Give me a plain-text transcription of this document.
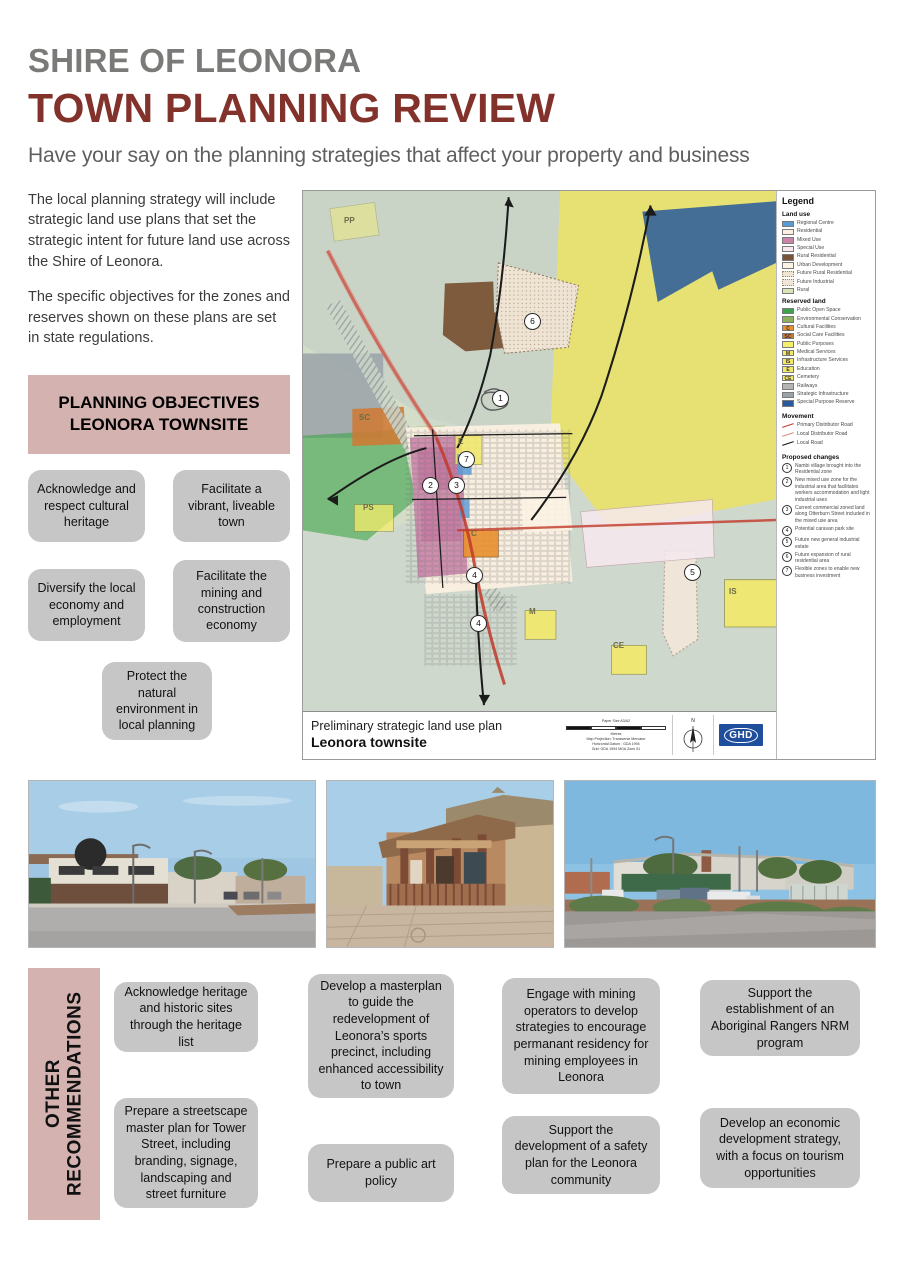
SHIRE OF LEONORA
TOWN PLANNING REVIEW
Have your say on the planning strategies that affect your property and business

The local planning strategy will include strategic land use plans that set the strategic intent for future land use across the Shire of Leonora.

The specific objectives for the zones and reserves shown on these plans are set in state regulations.

PLANNING OBJECTIVES
LEONORA TOWNSITE
Acknowledge and respect cultural heritage
Facilitate a vibrant, liveable town
Diversify the local economy and employment
Facilitate the mining and construction economy
Protect the natural environment in local planning
PP
SC
E
C
PS
M
CE
IS
1
2	3
4
4
5
6
7
Preliminary strategic land use plan
Leonora townsite
Paper Size A3/A2
Metres
Map Projection: Transverse Mercator
Horizontal Datum : GDA 1994
Grid: GDA 1994 MGA Zone 51
N
GHD
Legend
Land use
Regional Centre
Residential
Mixed Use
Special Use
Rural Residential
Urban Development
Future Rural Residential
Future Industrial
Rural
Reserved land
Public Open Space
Environmental Conservation
C	Cultural Facilities
SC	Social Care Facilities
Public Purposes
M	Medical Services
IS	Infrastructure Services
E	Education
CE	Cemetery
Railways
Strategic Infrastructure
Special Purpose Reserve
Movement
Primary Distributor Road
Local Distributor Road
Local Road
Proposed changes
1	Nambi village brought into the Residential zone
2	New mixed use zone for the industrial area that facilitates workers accommodation and light industrial uses
3	Current commercial zoned land along Otterburn Street included in the mixed use area
4	Potential caravan park site
5	Future new general industrial estate
6	Future expansion of rural residential area
7	Flexible zones to enable new business investment
OTHER RECOMMENDATIONS	Acknowledge heritage and historic sites through the heritage list
Prepare a streetscape master plan for Tower Street, including branding, signage, landscaping and street furniture
Develop a masterplan to guide the redevelopment of Leonora’s sports precinct, including enhanced accessibility to town
Prepare a public art policy
Engage with mining operators to develop strategies to encourage permanant residency for mining employees in Leonora
Support the development of a safety plan for the Leonora community
Support the establishment of an Aboriginal Rangers NRM program
Develop an economic development strategy, with a focus on tourism opportunities
